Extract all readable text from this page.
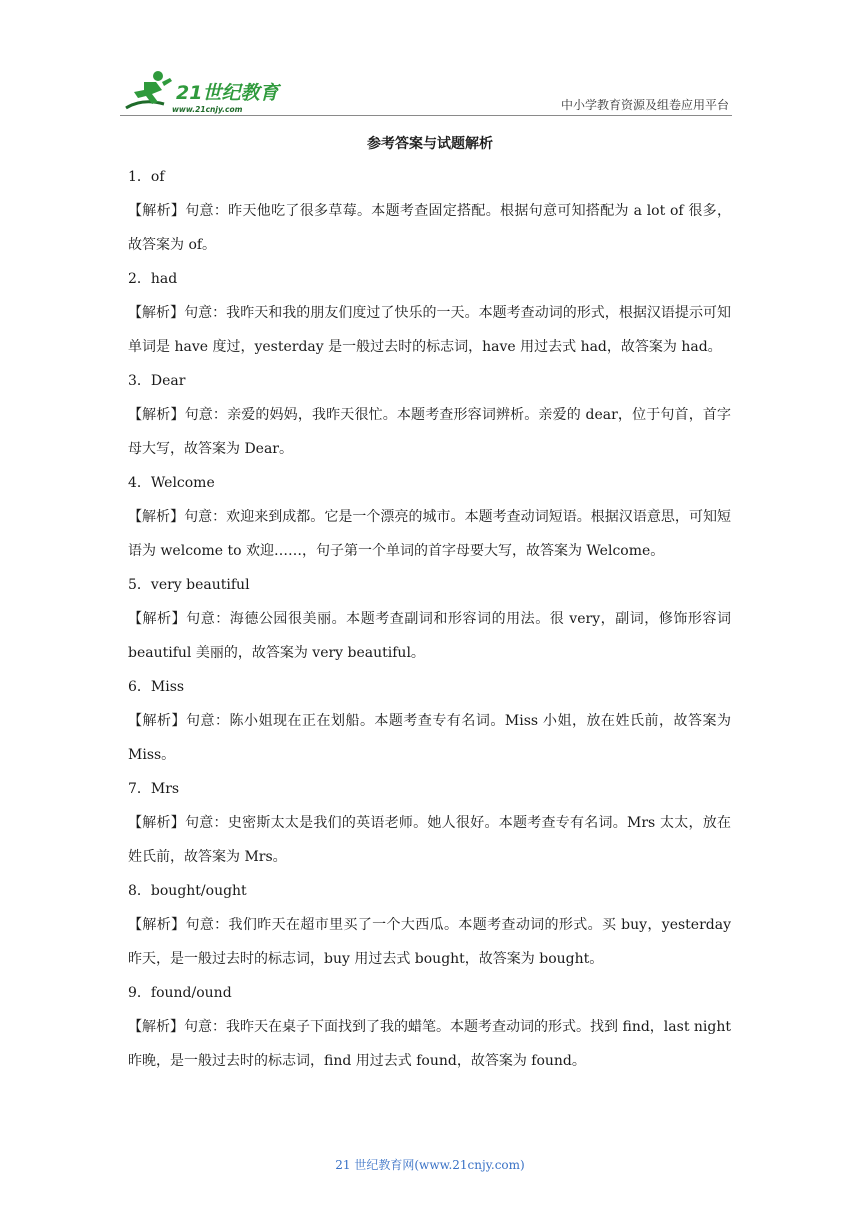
21世纪教育
www.21cnjy.com	中小学教育资源及组卷应用平台
参考答案与试题解析

1．of

【解析】句意：昨天他吃了很多草莓。本题考查固定搭配。根据句意可知搭配为 a lot of 很多，故答案为 of。

2．had

【解析】句意：我昨天和我的朋友们度过了快乐的一天。本题考查动词的形式，根据汉语提示可知单词是 have 度过，yesterday 是一般过去时的标志词，have 用过去式 had，故答案为 had。

3．Dear

【解析】句意：亲爱的妈妈，我昨天很忙。本题考查形容词辨析。亲爱的 dear，位于句首，首字母大写，故答案为 Dear。

4．Welcome

【解析】句意：欢迎来到成都。它是一个漂亮的城市。本题考查动词短语。根据汉语意思，可知短语为 welcome to 欢迎……，句子第一个单词的首字母要大写，故答案为 Welcome。

5．very beautiful

【解析】句意：海德公园很美丽。本题考查副词和形容词的用法。很 very，副词，修饰形容词 beautiful 美丽的，故答案为 very beautiful。

6．Miss

【解析】句意：陈小姐现在正在划船。本题考查专有名词。Miss 小姐，放在姓氏前，故答案为 Miss。

7．Mrs

【解析】句意：史密斯太太是我们的英语老师。她人很好。本题考查专有名词。Mrs 太太，放在姓氏前，故答案为 Mrs。

8．bought/ought

【解析】句意：我们昨天在超市里买了一个大西瓜。本题考查动词的形式。买 buy，yesterday 昨天，是一般过去时的标志词，buy 用过去式 bought，故答案为 bought。

9．found/ound

【解析】句意：我昨天在桌子下面找到了我的蜡笔。本题考查动词的形式。找到 find，last night 昨晚，是一般过去时的标志词，find 用过去式 found，故答案为 found。

21 世纪教育网(www.21cnjy.com)
